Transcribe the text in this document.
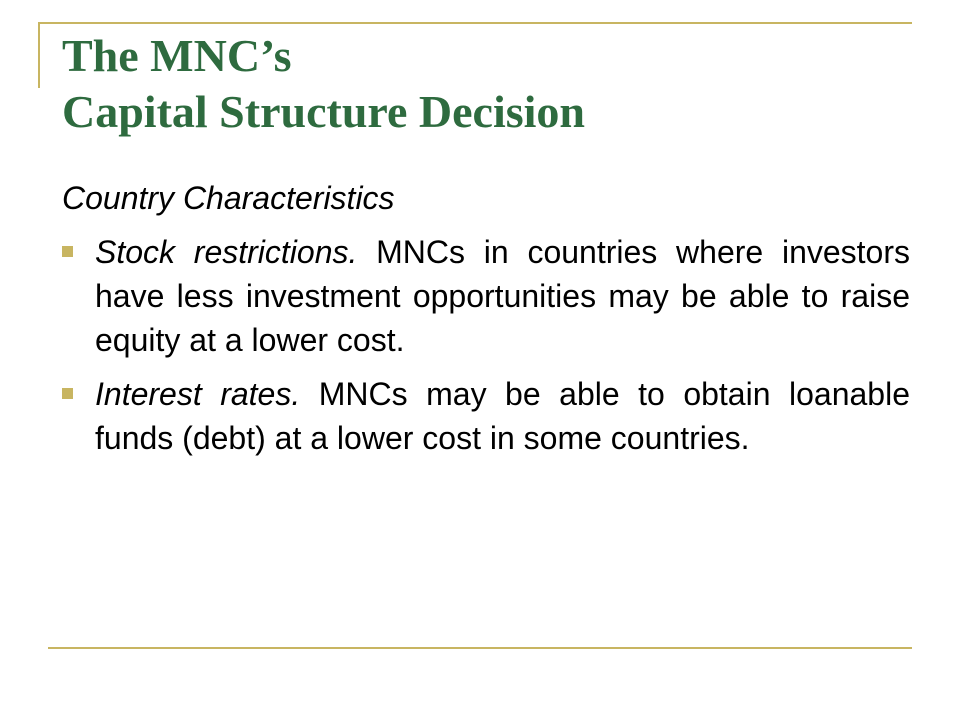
The MNC’s
Capital Structure Decision

Country Characteristics

Stock restrictions. MNCs in countries where investors have less investment opportunities may be able to raise equity at a lower cost.
Interest rates. MNCs may be able to obtain loanable funds (debt) at a lower cost in some countries.
